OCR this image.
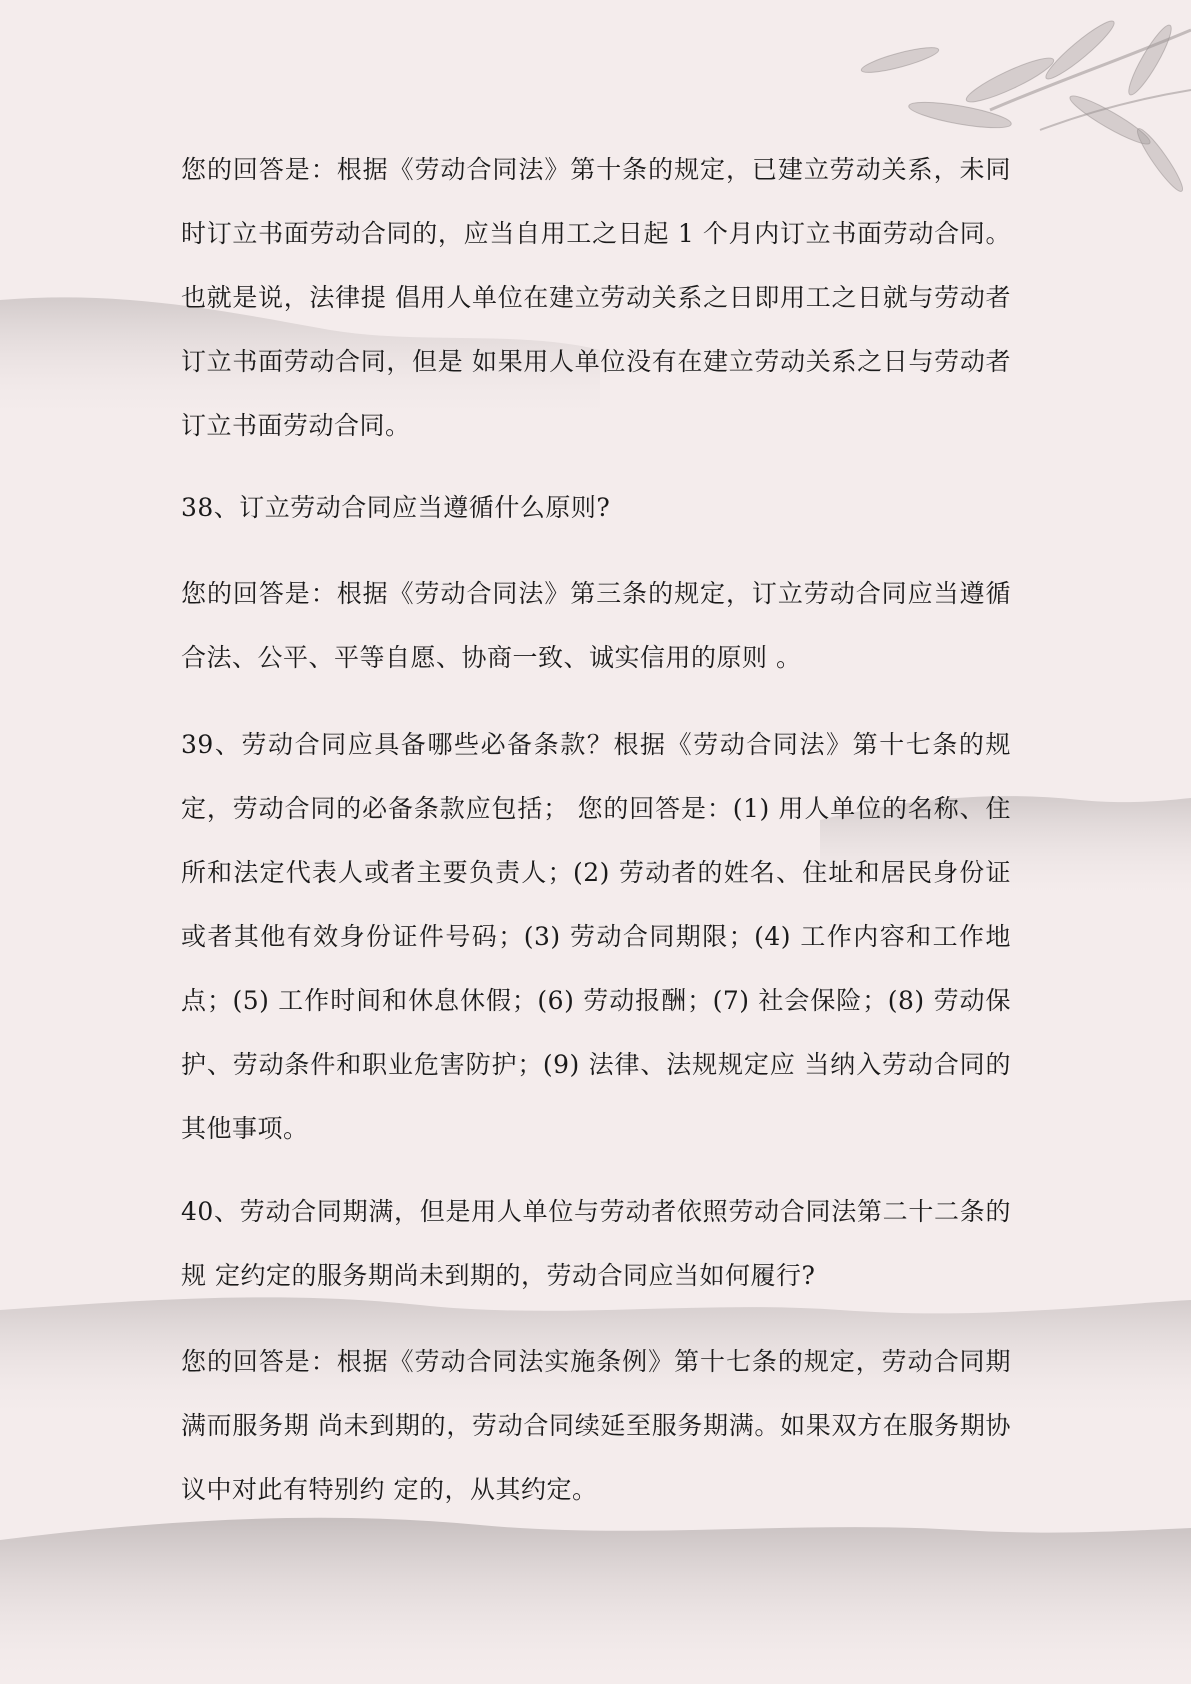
您的回答是：根据《劳动合同法》第十条的规定，已建立劳动关系，未同时订立书面劳动合同的，应当自用工之日起 1 个月内订立书面劳动合同。也就是说，法律提 倡用人单位在建立劳动关系之日即用工之日就与劳动者订立书面劳动合同，但是 如果用人单位没有在建立劳动关系之日与劳动者订立书面劳动合同。

38、订立劳动合同应当遵循什么原则?

您的回答是：根据《劳动合同法》第三条的规定，订立劳动合同应当遵循合法、公平、平等自愿、协商一致、诚实信用的原则 。

39、劳动合同应具备哪些必备条款？根据《劳动合同法》第十七条的规定，劳动合同的必备条款应包括； 您的回答是：(1) 用人单位的名称、住所和法定代表人或者主要负责人；(2) 劳动者的姓名、住址和居民身份证或者其他有效身份证件号码；(3) 劳动合同期限；(4) 工作内容和工作地点；(5) 工作时间和休息休假；(6) 劳动报酬；(7) 社会保险；(8) 劳动保护、劳动条件和职业危害防护；(9) 法律、法规规定应 当纳入劳动合同的其他事项。

40、劳动合同期满，但是用人单位与劳动者依照劳动合同法第二十二条的规 定约定的服务期尚未到期的，劳动合同应当如何履行?

您的回答是：根据《劳动合同法实施条例》第十七条的规定，劳动合同期满而服务期 尚未到期的，劳动合同续延至服务期满。如果双方在服务期协议中对此有特别约 定的，从其约定。
